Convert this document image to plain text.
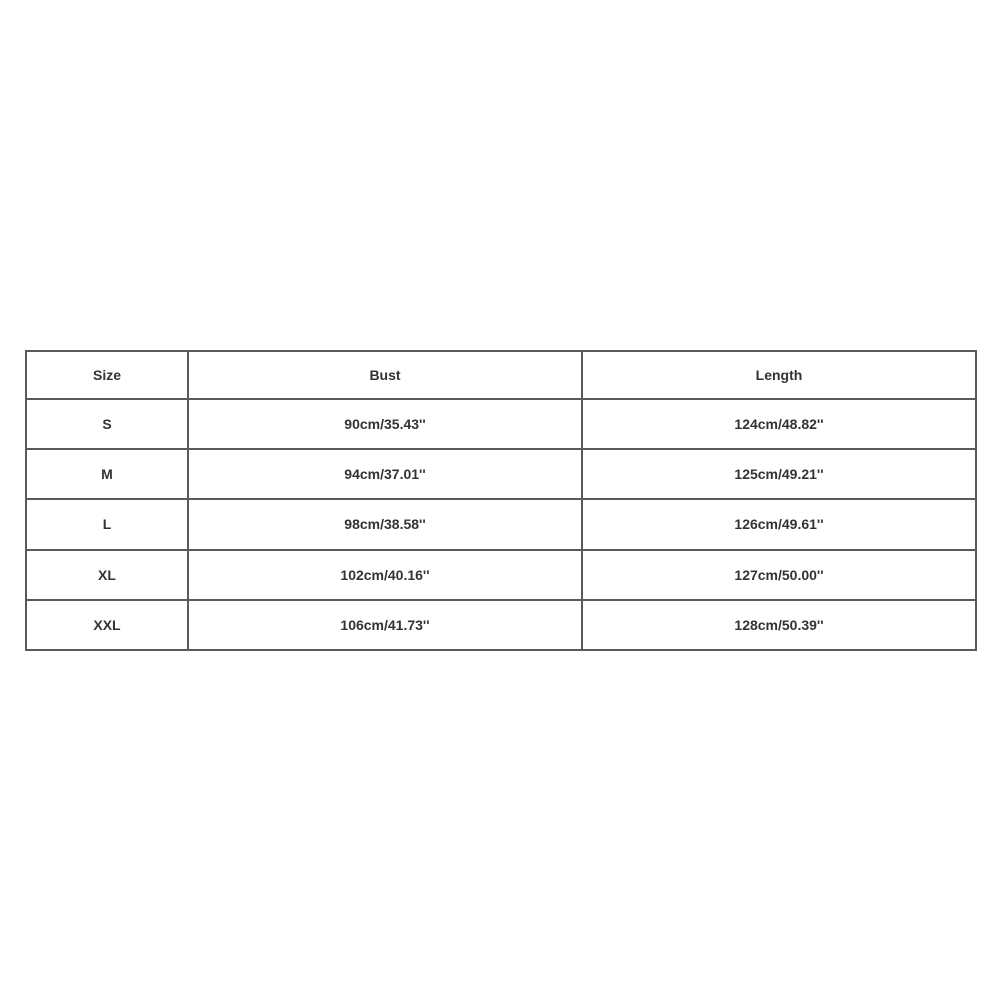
Size	Bust	Length
S	90cm/35.43''	124cm/48.82''
M	94cm/37.01''	125cm/49.21''
L	98cm/38.58''	126cm/49.61''
XL	102cm/40.16''	127cm/50.00''
XXL	106cm/41.73''	128cm/50.39''
